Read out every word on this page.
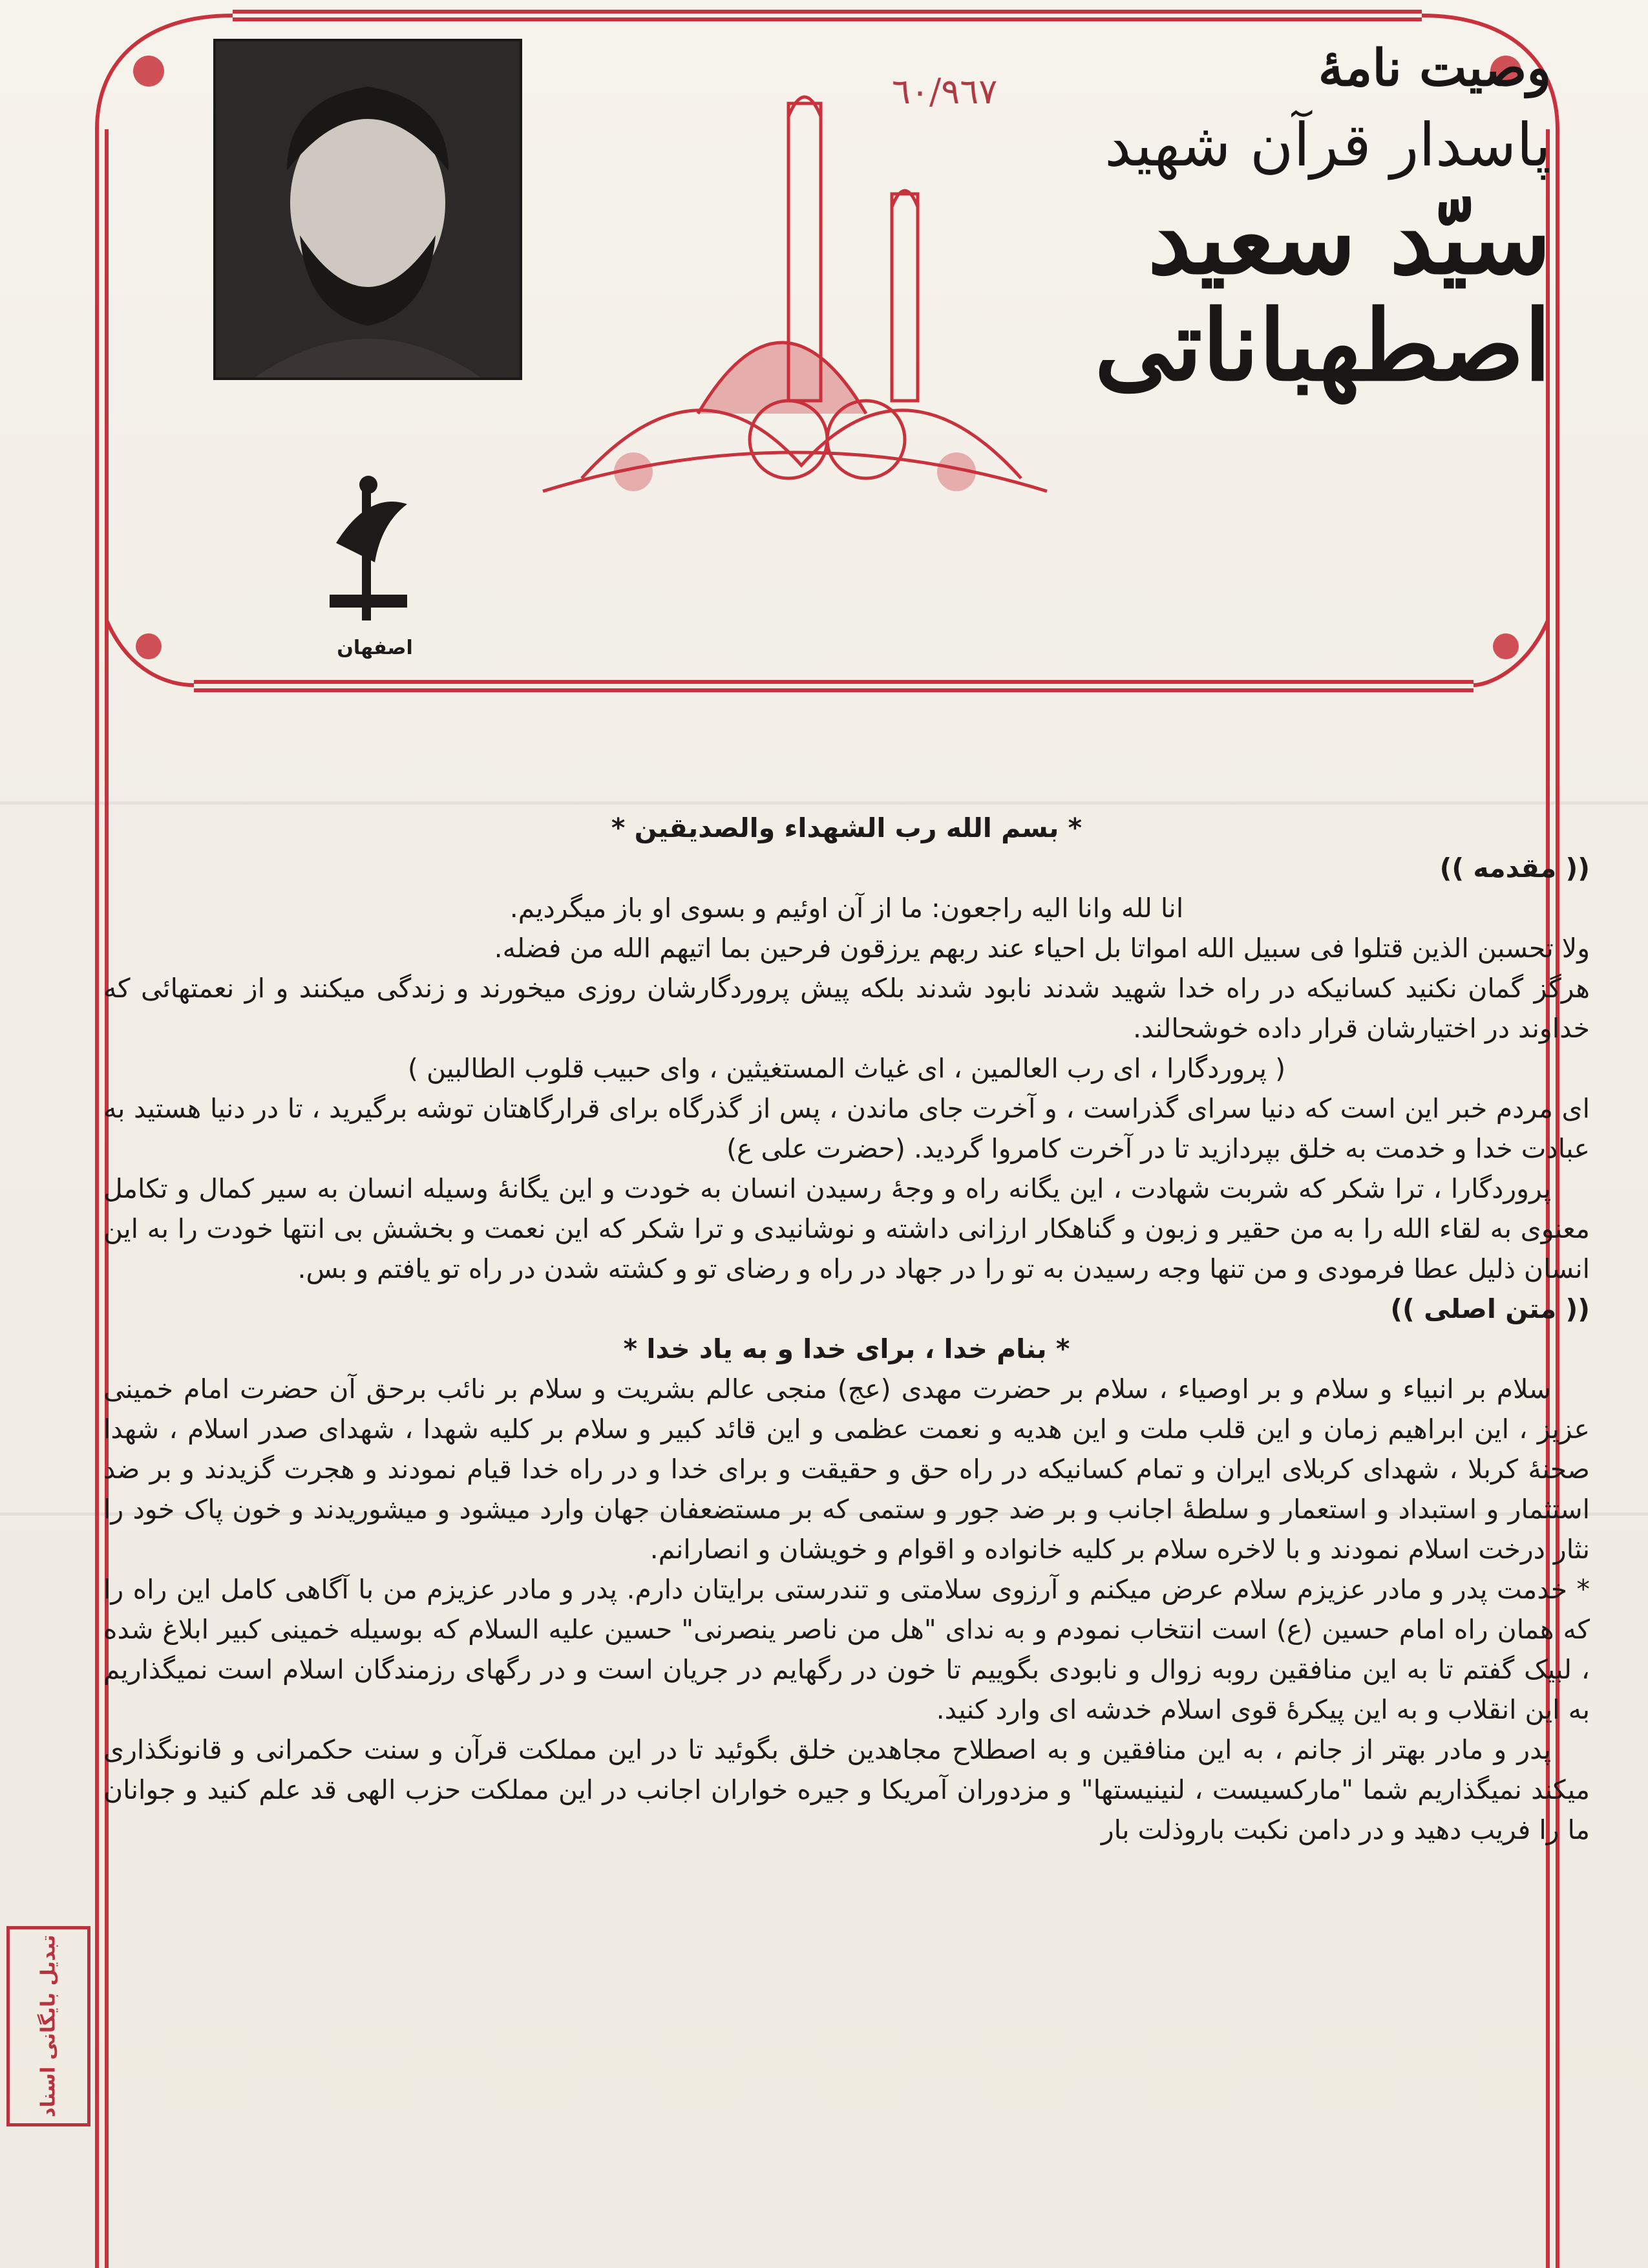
اصفهان
٦٠/٩٦٧	وصیت نامهٔ
پاسدار قرآن شهید
سیّد سعید اصطهباناتی

* بسم الله رب الشهداء والصدیقین *

(( مقدمه ))

انا لله وانا الیه راجعون: ما از آن اوئیم و بسوی او باز میگردیم.

ولا تحسبن الذین قتلوا فی سبیل الله امواتا بل احیاء عند ربهم یرزقون فرحین بما اتیهم الله من فضله.

هرگز گمان نکنید کسانیکه در راه خدا شهید شدند نابود شدند بلکه پیش پروردگارشان روزی میخورند و زندگی میکنند و از نعمتهائی که خداوند در اختیارشان قرار داده خوشحالند.

( پروردگارا ، ای رب العالمین ، ای غیاث المستغیثین ، وای حبیب قلوب الطالبین )

ای مردم خبر این است که دنیا سرای گذراست ، و آخرت جای ماندن ، پس از گذرگاه برای قرارگاهتان توشه برگیرید ، تا در دنیا هستید به عبادت خدا و خدمت به خلق بپردازید تا در آخرت کامروا گردید. (حضرت علی ع)

پروردگارا ، ترا شکر که شربت شهادت ، این یگانه راه و وجهٔ رسیدن انسان به خودت و این یگانهٔ وسیله انسان به سیر کمال و تکامل معنوی به لقاء الله را به من حقیر و زبون و گناهکار ارزانی داشته و نوشانیدی و ترا شکر که این نعمت و بخشش بی انتها خودت را به این انسان ذلیل عطا فرمودی و من تنها وجه رسیدن به تو را در جهاد در راه و رضای تو و کشته شدن در راه تو یافتم و بس.

(( متن اصلی ))

* بنام خدا ، برای خدا و به یاد خدا *

سلام بر انبیاء و سلام و بر اوصیاء ، سلام بر حضرت مهدی (عج) منجی عالم بشریت و سلام بر نائب برحق آن حضرت امام خمینی عزیز ، این ابراهیم زمان و این قلب ملت و این هدیه و نعمت عظمی و این قائد کبیر و سلام بر کلیه شهدا ، شهدای صدر اسلام ، شهدا صحنهٔ کربلا ، شهدای کربلای ایران و تمام کسانیکه در راه حق و حقیقت و برای خدا و در راه خدا قیام نمودند و هجرت گزیدند و بر ضد استثمار و استبداد و استعمار و سلطهٔ اجانب و بر ضد جور و ستمی که بر مستضعفان جهان وارد میشود و میشوریدند و خون پاک خود را نثار درخت اسلام نمودند و با لاخره سلام بر کلیه خانواده و اقوام و خویشان و انصارانم.

* خدمت پدر و مادر عزیزم سلام عرض میکنم و آرزوی سلامتی و تندرستی برایتان دارم. پدر و مادر عزیزم من با آگاهی کامل این راه را که همان راه امام حسین (ع) است انتخاب نمودم و به ندای "هل من ناصر ینصرنی" حسین علیه السلام که بوسیله خمینی کبیر ابلاغ شده ، لبیک گفتم تا به این منافقین روبه زوال و نابودی بگوییم تا خون در رگهایم در جریان است و در رگهای رزمندگان اسلام است نمیگذاریم به این انقلاب و به این پیکرهٔ قوی اسلام خدشه ای وارد کنید.

پدر و مادر بهتر از جانم ، به این منافقین و به اصطلاح مجاهدین خلق بگوئید تا در این مملکت قرآن و سنت حکمرانی و قانونگذاری میکند نمیگذاریم شما "مارکسیست ، لنینیستها" و مزدوران آمریکا و جیره خواران اجانب در این مملکت حزب الهی قد علم کنید و جوانان ما را فریب دهید و در دامن نکبت باروذلت بار

تبدیل بایگانی اسناد
